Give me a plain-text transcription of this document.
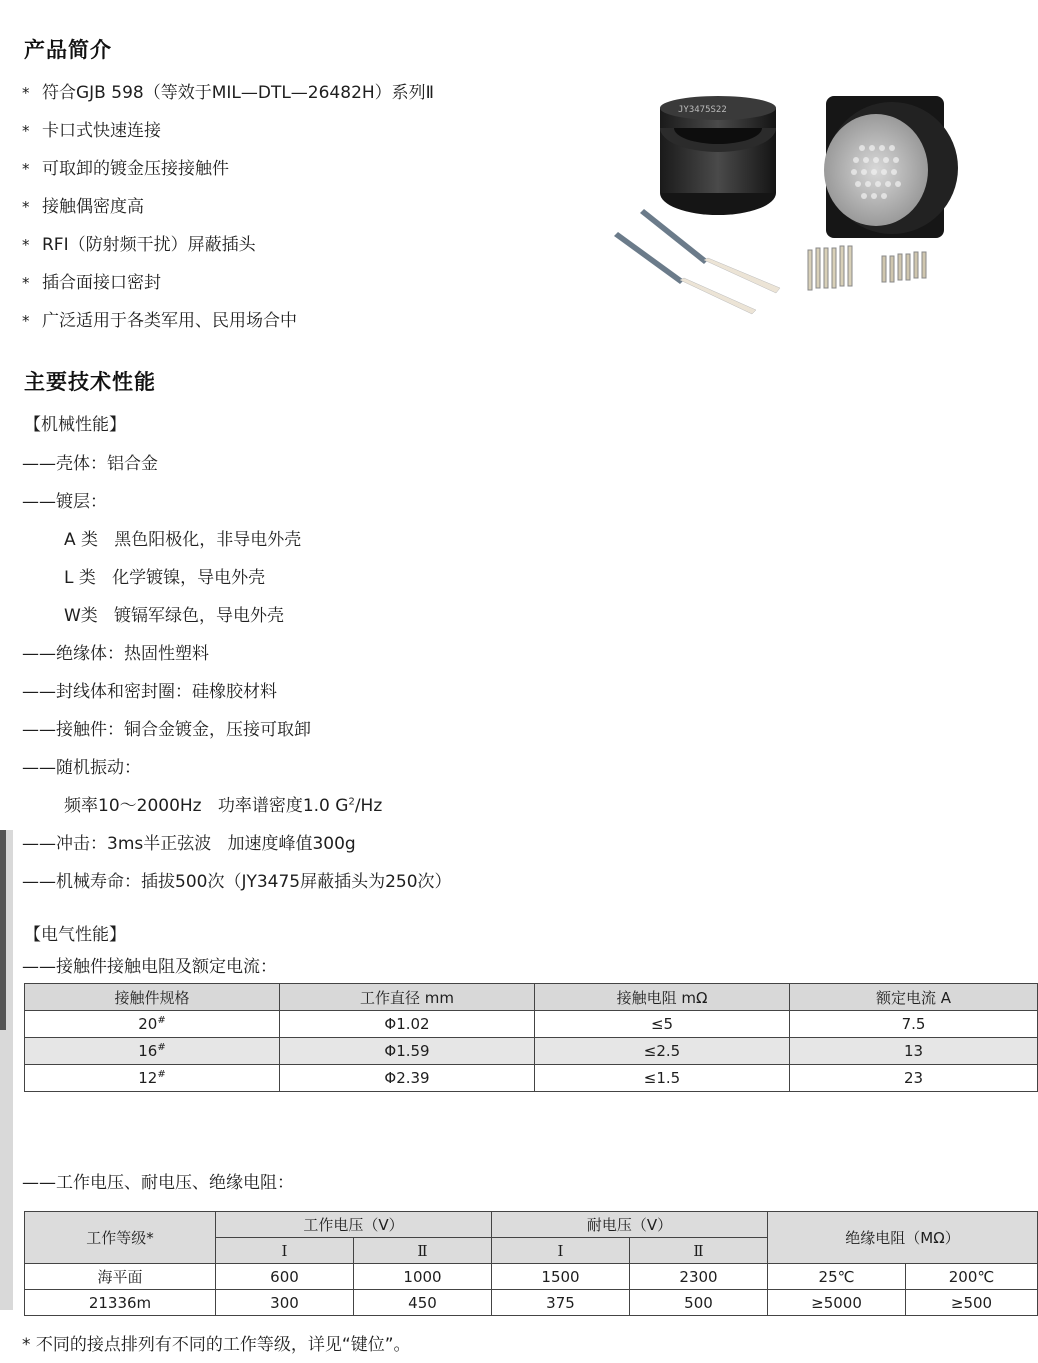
产品简介
* 符合GJB 598（等效于MIL—DTL—26482H）系列Ⅱ
* 卡口式快速连接
* 可取卸的镀金压接接触件
* 接触偶密度高
* RFI（防射频干扰）屏蔽插头
* 插合面接口密封
* 广泛适用于各类军用、民用场合中
JY3475S22
主要技术性能
【机械性能】
——壳体：铝合金
——镀层：
A 类   黑色阳极化，非导电外壳
L 类   化学镀镍，导电外壳
W类   镀镉军绿色，导电外壳
——绝缘体：热固性塑料
——封线体和密封圈：硅橡胶材料
——接触件：铜合金镀金，压接可取卸
——随机振动：
频率10～2000Hz   功率谱密度1.0 $G^2/Hz$
——冲击：3ms半正弦波   加速度峰值300g
——机械寿命：插拔500次（JY3475屏蔽插头为250次）
【电气性能】
——接触件接触电阻及额定电流：
接触件规格	工作直径 mm	接触电阻 mΩ	额定电流 A
20#	Φ1.02	≤5	7.5
16#	Φ1.59	≤2.5	13
12#	Φ2.39	≤1.5	23
——工作电压、耐电压、绝缘电阻：
工作等级*	工作电压（V）		耐电压（V）		绝缘电阻（MΩ）	
	Ⅰ	Ⅱ	Ⅰ	Ⅱ		
海平面	600	1000	1500	2300	25℃	200℃
21336m	300	450	375	500	≥5000	≥500
* 不同的接点排列有不同的工作等级，详见“键位”。
